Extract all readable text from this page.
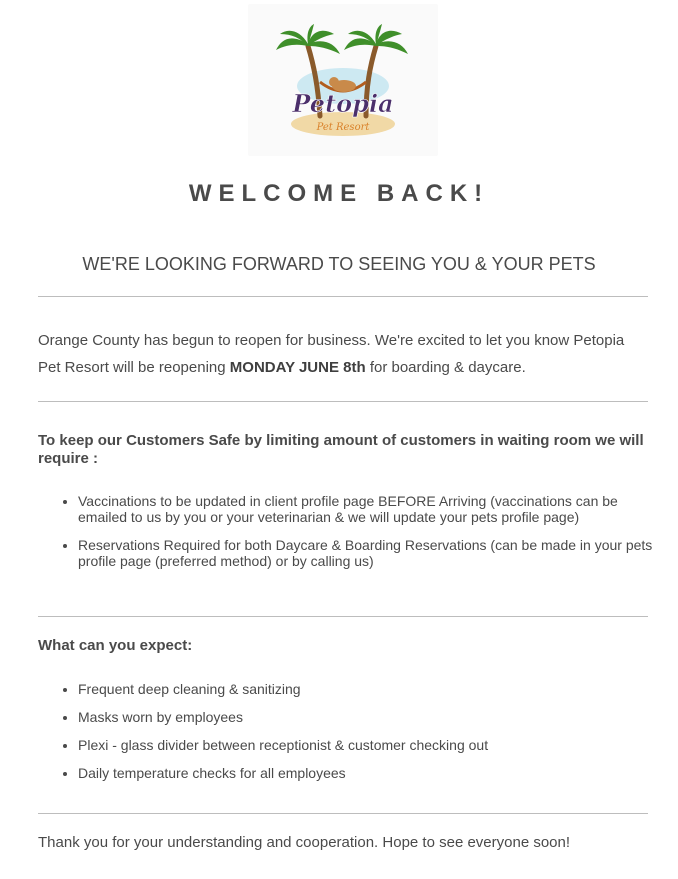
Petopia
Pet Resort
WELCOME BACK!
WE'RE LOOKING FORWARD TO SEEING YOU & YOUR PETS

Orange County has begun to reopen for business. We're excited to let you know Petopia Pet Resort will be reopening MONDAY JUNE 8th for boarding & daycare.

To keep our Customers Safe by limiting amount of customers in waiting room we will require :

• Vaccinations to be updated in client profile page BEFORE Arriving (vaccinations can be emailed to us by you or your veterinarian & we will update your pets profile page)
• Reservations Required for both Daycare & Boarding Reservations (can be made in your pets profile page (preferred method) or by calling us)

What can you expect:

• Frequent deep cleaning & sanitizing
• Masks worn by employees
• Plexi - glass divider between receptionist & customer checking out
• Daily temperature checks for all employees

Thank you for your understanding and cooperation. Hope to see everyone soon!
